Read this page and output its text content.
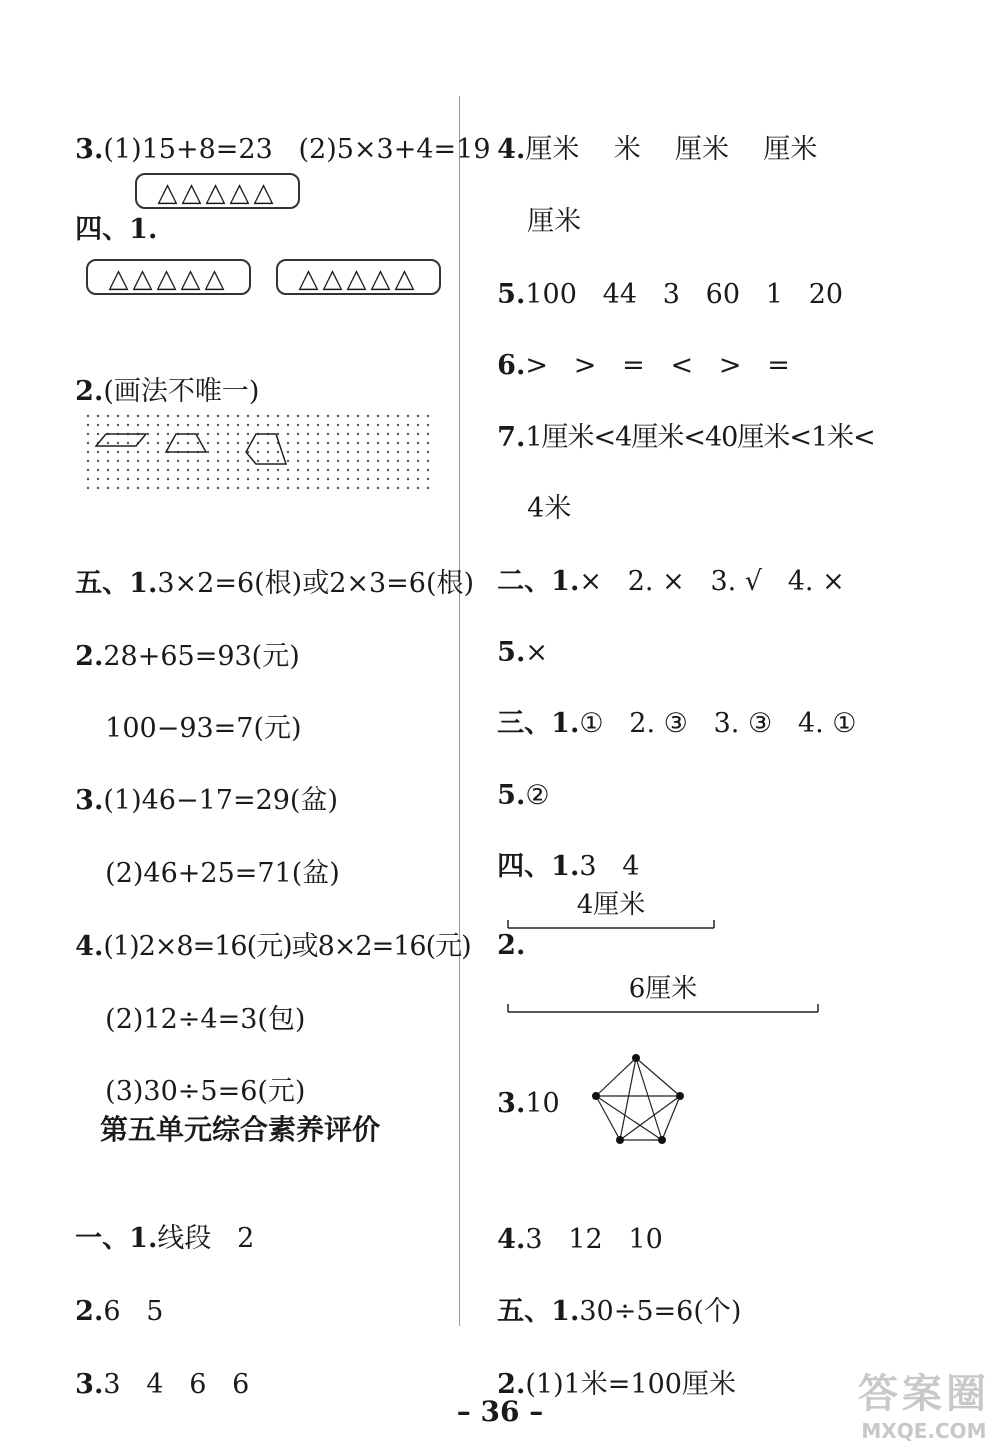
3.(1)15+8=23   (2)5×3+4=19

四、1.

△△△△△
△△△△△	△△△△△

2.(画法不唯一)

五、1.3×2=6(根)或2×3=6(根)

2.28+65=93(元)

100−93=7(元)

3.(1)46−17=29(盆)

(2)46+25=71(盆)

4.(1)2×8=16(元)或8×2=16(元)

(2)12÷4=3(包)

(3)30÷5=6(元)

第五单元综合素养评价

一、1.线段   2

2.6   5

3.3   4   6   6

4.厘米    米    厘米    厘米

厘米

5.100   44   3   60   1   20

6.>   >   =   <   >   =

7.1厘米<4厘米<40厘米<1米<

4米

二、1.×   2. ×   3. √   4. ×

5.×

三、1.①   2. ③   3. ③   4. ①

5.②

四、1.3   4

2.

4厘米
6厘米

3.10

4.3   12   10

五、1.30÷5=6(个)

2.(1)1米=100厘米

– 36 –	答案圈
MXQE.COM
